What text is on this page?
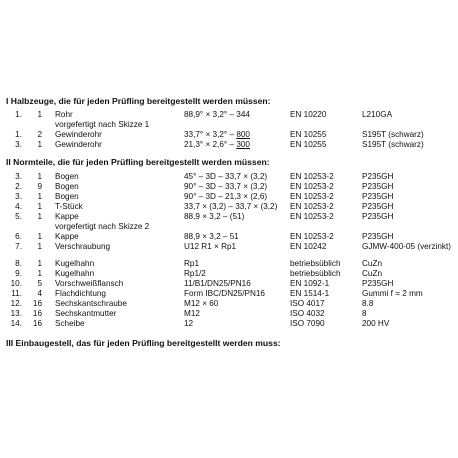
I Halbzeuge, die für jeden Prüfling bereitgestellt werden müssen:
1.	1 Rohr	88,9° × 3,2° – 344	EN 10220	L210GA
vorgefertigt nach Skizze 1
1.	2 Gewinderohr	33,7° × 3,2° – 800	EN 10255	S195T (schwarz)
3.	1 Gewinderohr	21,3° × 2,6° – 300	EN 10255	S195T (schwarz)
II Normteile, die für jeden Prüfling bereitgestellt werden müssen:
3.	1 Bogen	45° – 3D – 33,7 × (3,2)	EN 10253-2	P235GH
2.	9 Bogen	90° – 3D – 33,7 × (3,2)	EN 10253-2	P235GH
3.	1 Bogen	90° – 3D – 21,3 × (2,6)	EN 10253-2	P235GH
4.	1 T-Stück	33,7 × (3,2) – 33,7 × (3,2) EN 10253-2	P235GH
5.	1 Kappe	88,9 × 3,2 – (51)	EN 10253-2	P235GH
vorgefertigt nach Skizze 2
6.	1 Kappe	88,9 × 3,2 – 51	EN 10253-2	P235GH
7.	1 Verschraubung	U12 R1 × Rp1	EN 10242	GJMW-400-05 (verzinkt)
8.	1 Kugelhahn	Rp1	betriebsüblich	CuZn
9.	1 Kugelhahn	Rp1/2	betriebsüblich	CuZn
10.	5 Vorschweißflansch	11/B1/DN25/PN16	EN 1092-1	P235GH
11.	4 Flachdichtung	Form IBC/DN25/PN16	EN 1514-1	Gummi f = 2 mm
12.	16 Sechskantschraube	M12 × 60	ISO 4017	8.8
13.	16 Sechskantmutter	M12	ISO 4032	8
14.	16 Scheibe	12	ISO 7090	200 HV
III Einbaugestell, das für jeden Prüfling bereitgestellt werden muss:
